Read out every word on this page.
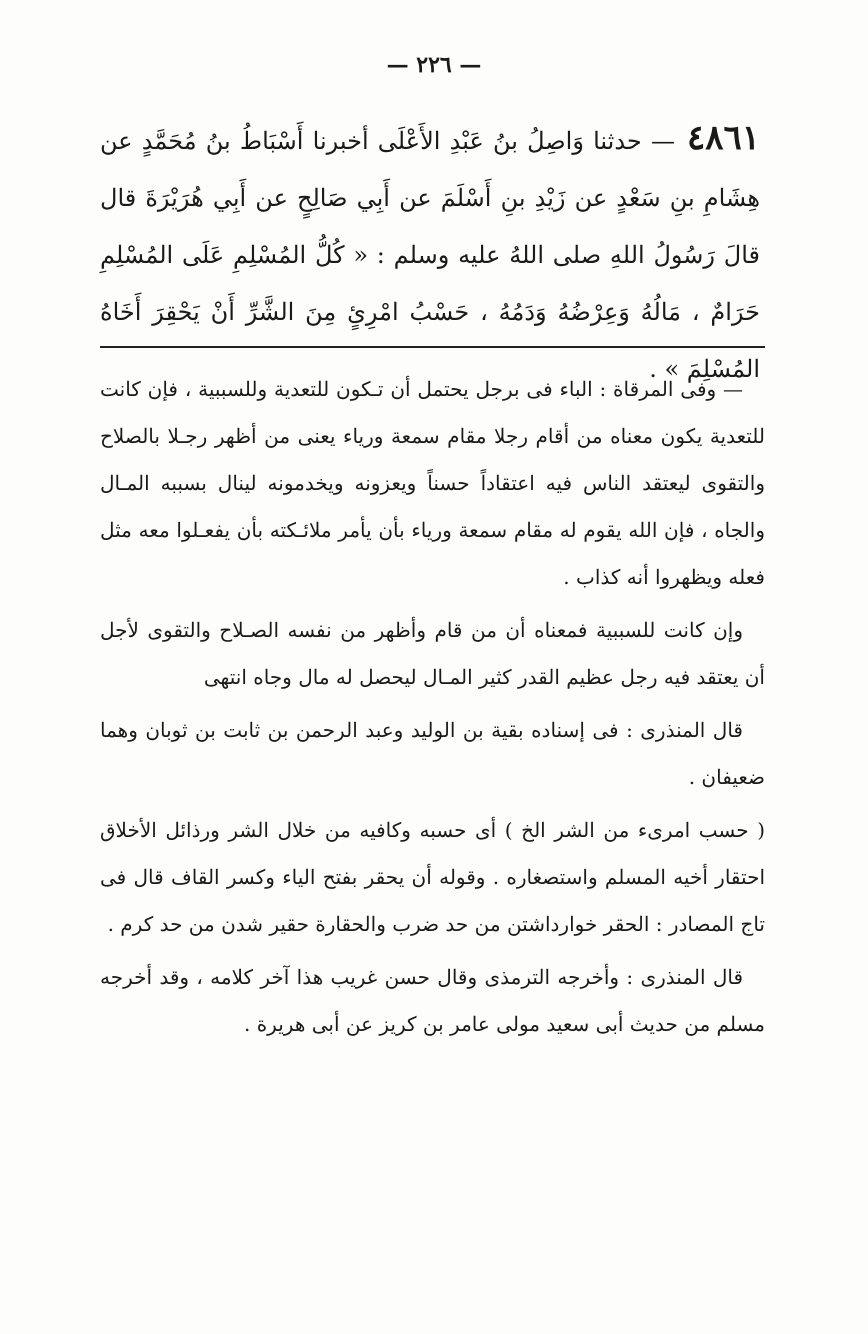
— ٢٢٦ —
٤٨٦١— حدثنا وَاصِلُ بنُ عَبْدِ الأَعْلَى أخبرنا أَسْبَاطُ بنُ مُحَمَّدٍ عن هِشَامِ بنِ سَعْدٍ عن زَيْدِ بنِ أَسْلَمَ عن أَبِي صَالِحٍ عن أَبِي هُرَيْرَةَ قال قالَ رَسُولُ اللهِ صلى اللهُ عليه وسلم : « كُلُّ المُسْلِمِ عَلَى المُسْلِمِ حَرَامٌ ، مَالُهُ وَعِرْضُهُ وَدَمُهُ ، حَسْبُ امْرِئٍ مِنَ الشَّرِّ أَنْ يَحْقِرَ أَخَاهُ المُسْلِمَ » .

— وفى المرقاة : الباء فى برجل يحتمل أن تـكون للتعدية وللسببية ، فإن كانت للتعدية يكون معناه من أقام رجلا مقام سمعة ورياء يعنى من أظهر رجـلا بالصلاح والتقوى ليعتقد الناس فيه اعتقاداً حسناً ويعزونه ويخدمونه لينال بسببه المـال والجاه ، فإن الله يقوم له مقام سمعة ورياء بأن يأمر ملائـكته بأن يفعـلوا معه مثل فعله ويظهروا أنه كذاب .

وإن كانت للسببية فمعناه أن من قام وأظهر من نفسه الصـلاح والتقوى لأجل أن يعتقد فيه رجل عظيم القدر كثير المـال ليحصل له مال وجاه انتهى

قال المنذرى : فى إسناده بقية بن الوليد وعبد الرحمن بن ثابت بن ثوبان وهما ضعيفان .

( حسب امرىء من الشر الخ ) أى حسبه وكافيه من خلال الشر ورذائل الأخلاق احتقار أخيه المسلم واستصغاره . وقوله أن يحقر بفتح الياء وكسر القاف قال فى تاج المصادر : الحقر خوارداشتن من حد ضرب والحقارة حقير شدن من حد كرم .

قال المنذرى : وأخرجه الترمذى وقال حسن غريب هذا آخر كلامه ، وقد أخرجه مسلم من حديث أبى سعيد مولى عامر بن كريز عن أبى هريرة .
